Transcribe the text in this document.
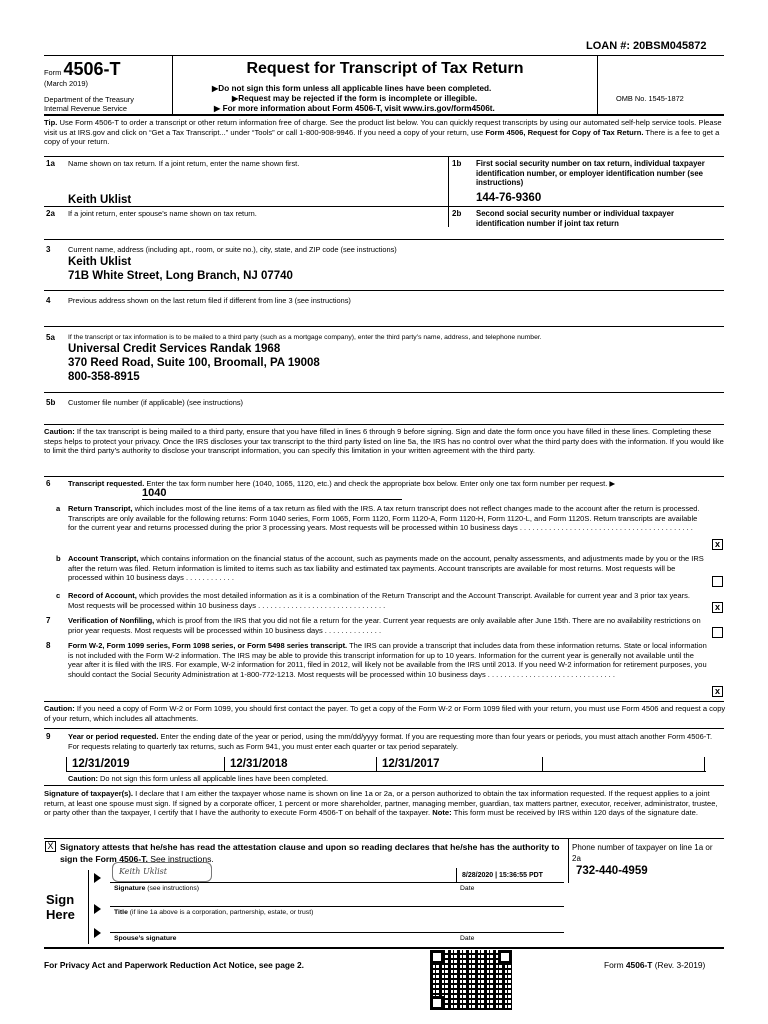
LOAN #: 20BSM045872
Form 4506-T
(March 2019)
Department of the Treasury
Internal Revenue Service
Request for Transcript of Tax Return
▶Do not sign this form unless all applicable lines have been completed.
▶Request may be rejected if the form is incomplete or illegible.
▶ For more information about Form 4506-T, visit www.irs.gov/form4506t.
OMB No. 1545-1872
Tip. Use Form 4506-T to order a transcript or other return information free of charge. See the product list below. You can quickly request transcripts by using our automated self-help service tools. Please visit us at IRS.gov and click on “Get a Tax Transcript...” under “Tools” or call 1-800-908-9946. If you need a copy of your return, use Form 4506, Request for Copy of Tax Return. There is a fee to get a copy of your return.
1a Name shown on tax return. If a joint return, enter the name shown first.
Keith Uklist
1b First social security number on tax return, individual taxpayer identification number, or employer identification number (see instructions)
144-76-9360
2a If a joint return, enter spouse’s name shown on tax return.	2b Second social security number or individual taxpayer identification number if joint tax return
3 Current name, address (including apt., room, or suite no.), city, state, and ZIP code (see instructions)
Keith Uklist
71B White Street, Long Branch, NJ 07740
4 Previous address shown on the last return filed if different from line 3 (see instructions)
5a If the transcript or tax information is to be mailed to a third party (such as a mortgage company), enter the third party’s name, address, and telephone number.
Universal Credit Services Randak 1968
370 Reed Road, Suite 100, Broomall, PA 19008
800-358-8915
5b Customer file number (if applicable) (see instructions)
Caution: If the tax transcript is being mailed to a third party, ensure that you have filled in lines 6 through 9 before signing. Sign and date the form once you have filled in these lines. Completing these steps helps to protect your privacy. Once the IRS discloses your tax transcript to the third party listed on line 5a, the IRS has no control over what the third party does with the information. If you would like to limit the third party’s authority to disclose your transcript information, you can specify this limitation in your written agreement with the third party.
6 Transcript requested. Enter the tax form number here (1040, 1065, 1120, etc.) and check the appropriate box below. Enter only one tax form number per request. ▶
1040
a Return Transcript, which includes most of the line items of a tax return as filed with the IRS. A tax return transcript does not reflect changes made to the account after the return is processed. Transcripts are only available for the following returns: Form 1040 series, Form 1065, Form 1120, Form 1120-A, Form 1120-H, Form 1120-L, and Form 1120S. Return transcripts are available for the current year and returns processed during the prior 3 processing years. Most requests will be processed within 10 business days . . . . . . . . . . . . . . . . . . . . . . . . . . . . . . . . . . . . . . . . . .
x
b Account Transcript, which contains information on the financial status of the account, such as payments made on the account, penalty assessments, and adjustments made by you or the IRS after the return was filed. Return information is limited to items such as tax liability and estimated tax payments. Account transcripts are available for most returns. Most requests will be processed within 10 business days . . . . . . . . . . . .
c Record of Account, which provides the most detailed information as it is a combination of the Return Transcript and the Account Transcript. Available for current year and 3 prior tax years. Most requests will be processed within 10 business days . . . . . . . . . . . . . . . . . . . . . . . . . . . . . . .	x
7 Verification of Nonfiling, which is proof from the IRS that you did not file a return for the year. Current year requests are only available after June 15th. There are no availability restrictions on prior year requests. Most requests will be processed within 10 business days . . . . . . . . . . . . . .
8 Form W-2, Form 1099 series, Form 1098 series, or Form 5498 series transcript. The IRS can provide a transcript that includes data from these information returns. State or local information is not included with the Form W-2 information. The IRS may be able to provide this transcript information for up to 10 years. Information for the current year is generally not available until the year after it is filed with the IRS. For example, W-2 information for 2011, filed in 2012, will likely not be available from the IRS until 2013. If you need W-2 information for retirement purposes, you should contact the Social Security Administration at 1-800-772-1213. Most requests will be processed within 10 business days . . . . . . . . . . . . . . . . . . . . . . . . . . . . . . .
x
Caution: If you need a copy of Form W-2 or Form 1099, you should first contact the payer. To get a copy of the Form W-2 or Form 1099 filed with your return, you must use Form 4506 and request a copy of your return, which includes all attachments.
9 Year or period requested. Enter the ending date of the year or period, using the mm/dd/yyyy format. If you are requesting more than four years or periods, you must attach another Form 4506-T. For requests relating to quarterly tax returns, such as Form 941, you must enter each quarter or tax period separately.
12/31/2019	12/31/2018	12/31/2017
Caution: Do not sign this form unless all applicable lines have been completed.
Signature of taxpayer(s). I declare that I am either the taxpayer whose name is shown on line 1a or 2a, or a person authorized to obtain the tax information requested. If the request applies to a joint return, at least one spouse must sign. If signed by a corporate officer, 1 percent or more shareholder, partner, managing member, guardian, tax matters partner, executor, receiver, administrator, trustee, or party other than the taxpayer, I certify that I have the authority to execute Form 4506-T on behalf of the taxpayer. Note: This form must be received by IRS within 120 days of the signature date.
X Signatory attests that he/she has read the attestation clause and upon so reading declares that he/she has the authority to sign the Form 4506-T. See instructions.
Phone number of taxpayer on line 1a or 2a
732-440-4959
Sign
Here
Keith Uklist	8/28/2020 | 15:36:55 PDT
Signature (see instructions)	Date
Title (if line 1a above is a corporation, partnership, estate, or trust)
Spouse’s signature	Date
For Privacy Act and Paperwork Reduction Act Notice, see page 2.	Form 4506-T (Rev. 3-2019)
